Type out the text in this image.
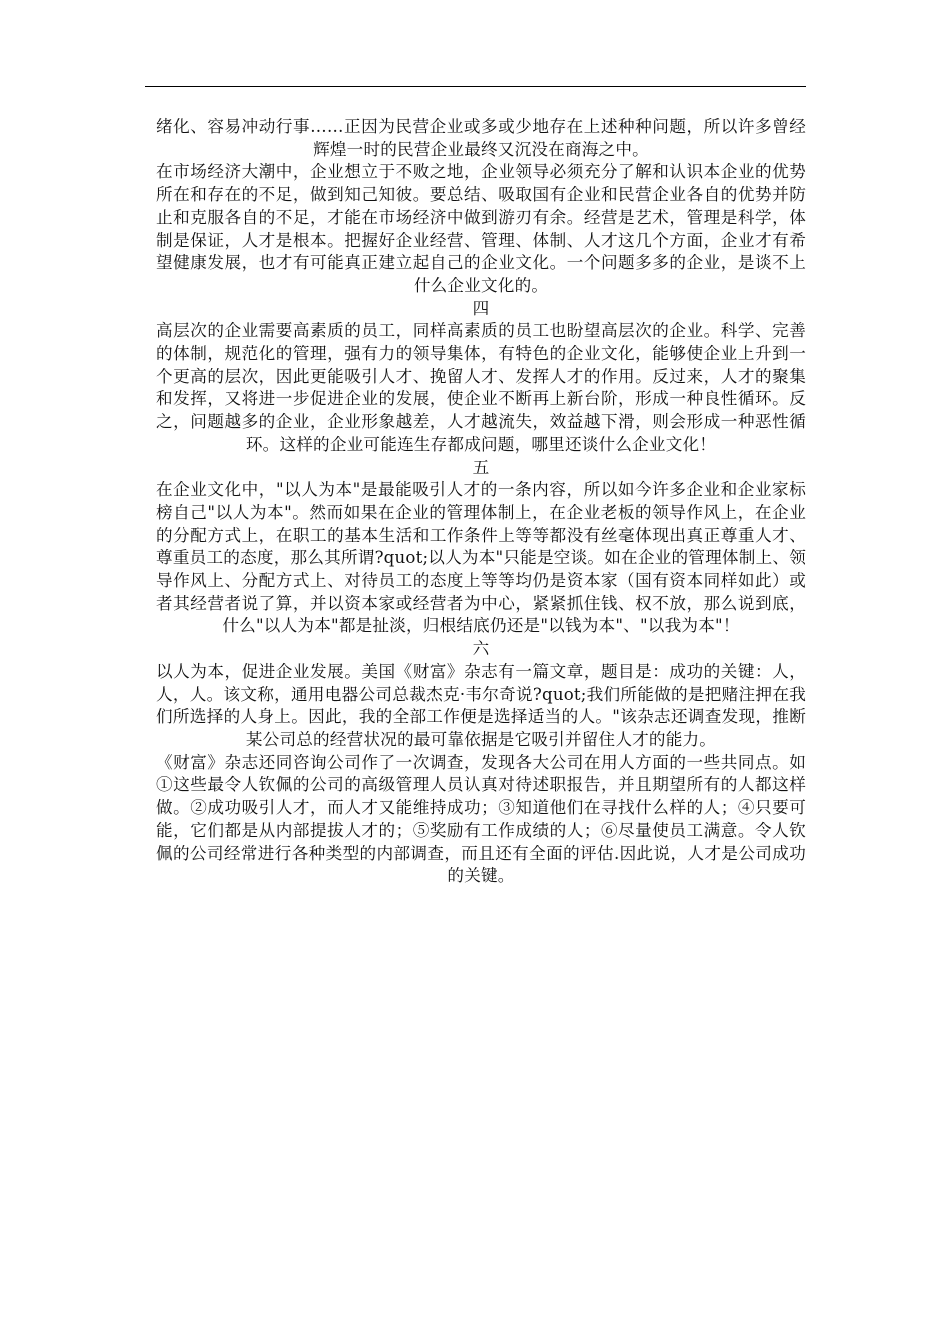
绪化、容易冲动行事……正因为民营企业或多或少地存在上述种种问题，所以许多曾经辉煌一时的民营企业最终又沉没在商海之中。

在市场经济大潮中，企业想立于不败之地，企业领导必须充分了解和认识本企业的优势所在和存在的不足，做到知己知彼。要总结、吸取国有企业和民营企业各自的优势并防止和克服各自的不足，才能在市场经济中做到游刃有余。经营是艺术，管理是科学，体制是保证，人才是根本。把握好企业经营、管理、体制、人才这几个方面，企业才有希望健康发展，也才有可能真正建立起自己的企业文化。一个问题多多的企业，是谈不上什么企业文化的。

四

高层次的企业需要高素质的员工，同样高素质的员工也盼望高层次的企业。科学、完善的体制，规范化的管理，强有力的领导集体，有特色的企业文化，能够使企业上升到一个更高的层次，因此更能吸引人才、挽留人才、发挥人才的作用。反过来，人才的聚集和发挥，又将进一步促进企业的发展，使企业不断再上新台阶，形成一种良性循环。反之，问题越多的企业，企业形象越差，人才越流失，效益越下滑，则会形成一种恶性循环。这样的企业可能连生存都成问题，哪里还谈什么企业文化！

五

在企业文化中，"以人为本"是最能吸引人才的一条内容，所以如今许多企业和企业家标榜自己"以人为本"。然而如果在企业的管理体制上，在企业老板的领导作风上，在企业的分配方式上，在职工的基本生活和工作条件上等等都没有丝毫体现出真正尊重人才、尊重员工的态度，那么其所谓?quot;以人为本"只能是空谈。如在企业的管理体制上、领导作风上、分配方式上、对待员工的态度上等等均仍是资本家（国有资本同样如此）或者其经营者说了算，并以资本家或经营者为中心，紧紧抓住钱、权不放，那么说到底，什么"以人为本"都是扯淡，归根结底仍还是"以钱为本"、"以我为本"！

六

以人为本，促进企业发展。美国《财富》杂志有一篇文章，题目是：成功的关键：人，人，人。该文称，通用电器公司总裁杰克·韦尔奇说?quot;我们所能做的是把赌注押在我们所选择的人身上。因此，我的全部工作便是选择适当的人。"该杂志还调查发现，推断某公司总的经营状况的最可靠依据是它吸引并留住人才的能力。

《财富》杂志还同咨询公司作了一次调查，发现各大公司在用人方面的一些共同点。如①这些最令人钦佩的公司的高级管理人员认真对待述职报告，并且期望所有的人都这样做。②成功吸引人才，而人才又能维持成功；③知道他们在寻找什么样的人；④只要可能，它们都是从内部提拔人才的；⑤奖励有工作成绩的人；⑥尽量使员工满意。令人钦佩的公司经常进行各种类型的内部调查，而且还有全面的评估.因此说，人才是公司成功的关键。
